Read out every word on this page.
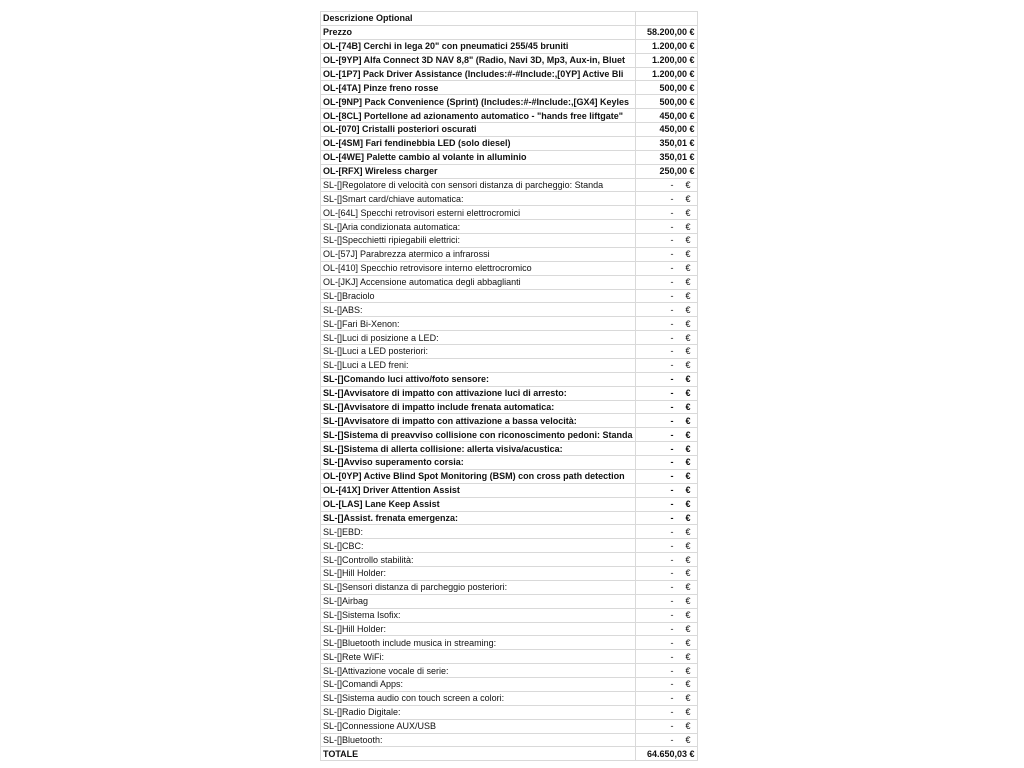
Descrizione Optional	
Prezzo	58.200,00 €
OL-[74B] Cerchi in lega 20" con pneumatici 255/45 bruniti	1.200,00 €
OL-[9YP] Alfa Connect 3D NAV 8,8" (Radio, Navi 3D, Mp3, Aux-in, Bluet	1.200,00 €
OL-[1P7] Pack Driver Assistance (Includes:#-#Include:,[0YP] Active Bli	1.200,00 €
OL-[4TA] Pinze freno rosse	500,00 €
OL-[9NP] Pack Convenience (Sprint) (Includes:#-#Include:,[GX4] Keyles	500,00 €
OL-[8CL] Portellone ad azionamento automatico - "hands free liftgate"	450,00 €
OL-[070] Cristalli posteriori oscurati	450,00 €
OL-[4SM] Fari fendinebbia LED (solo diesel)	350,01 €
OL-[4WE] Palette cambio al volante in alluminio	350,01 €
OL-[RFX] Wireless charger	250,00 €
SL-[]Regolatore di velocità con sensori distanza di parcheggio: Standa	- €

SL-[]Smart card/chiave automatica:	- €

OL-[64L] Specchi retrovisori esterni elettrocromici	- €

SL-[]Aria condizionata automatica:	- €

SL-[]Specchietti ripiegabili elettrici:	- €

OL-[57J] Parabrezza atermico a infrarossi	- €

OL-[410] Specchio retrovisore interno elettrocromico	- €

OL-[JKJ] Accensione automatica degli abbaglianti	- €

SL-[]Braciolo	- €

SL-[]ABS:	- €

SL-[]Fari Bi-Xenon:	- €

SL-[]Luci di posizione a LED:	- €

SL-[]Luci a LED posteriori:	- €

SL-[]Luci a LED freni:	- €

SL-[]Comando luci attivo/foto sensore:	- €

SL-[]Avvisatore di impatto con attivazione luci di arresto:	- €

SL-[]Avvisatore di impatto include frenata automatica:	- €

SL-[]Avvisatore di impatto con attivazione a bassa velocità:	- €

SL-[]Sistema di preavviso collisione con riconoscimento pedoni: Standa	- €

SL-[]Sistema di allerta collisione: allerta visiva/acustica:	- €

SL-[]Avviso superamento corsia:	- €

OL-[0YP] Active Blind Spot Monitoring (BSM) con cross path detection	- €

OL-[41X] Driver Attention Assist	- €

OL-[LAS] Lane Keep Assist	- €

SL-[]Assist. frenata emergenza:	- €

SL-[]EBD:	- €

SL-[]CBC:	- €

SL-[]Controllo stabilità:	- €

SL-[]Hill Holder:	- €

SL-[]Sensori distanza di parcheggio posteriori:	- €

SL-[]Airbag	- €

SL-[]Sistema Isofix:	- €

SL-[]Hill Holder:	- €

SL-[]Bluetooth include musica in streaming:	- €

SL-[]Rete WiFi:	- €

SL-[]Attivazione vocale di serie:	- €

SL-[]Comandi Apps:	- €

SL-[]Sistema audio con touch screen a colori:	- €

SL-[]Radio Digitale:	- €

SL-[]Connessione AUX/USB	- €

SL-[]Bluetooth:	- €

TOTALE	64.650,03 €
